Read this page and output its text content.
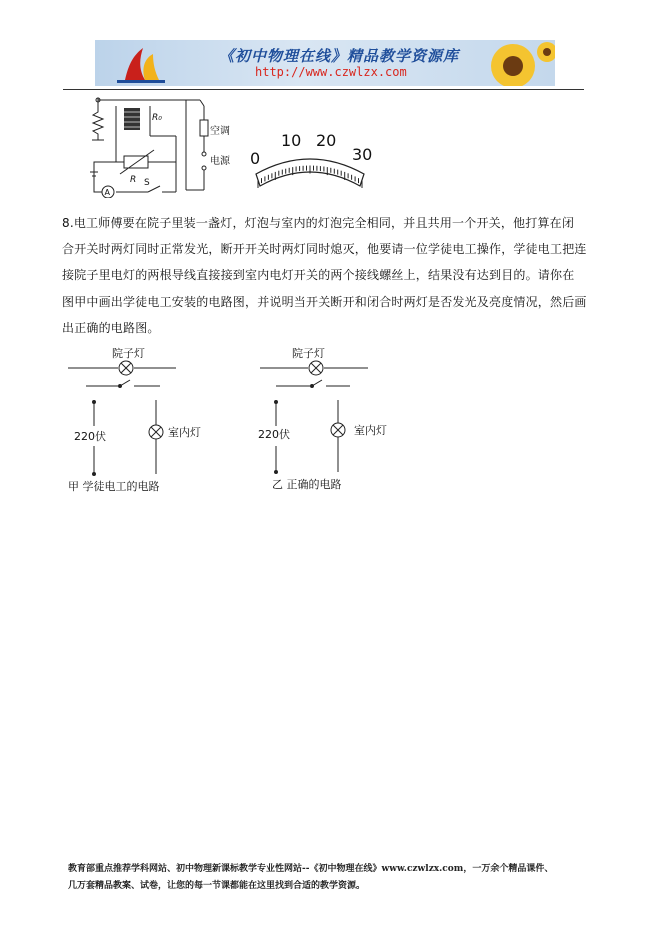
《初中物理在线》精品教学资源库
http://www.czwlzx.com
A
R₀
R S
空调
电源 0
10 20
30
8.电工师傅要在院子里装一盏灯，灯泡与室内的灯泡完全相同，并且共用一个开关，他打算在闭
合开关时两灯同时正常发光，断开开关时两灯同时熄灭，他要请一位学徒电工操作，学徒电工把连
接院子里电灯的两根导线直接接到室内电灯开关的两个接线螺丝上，结果没有达到目的。请你在
图甲中画出学徒电工安装的电路图，并说明当开关断开和闭合时两灯是否发光及亮度情况，然后画
出正确的电路图。
院子灯
220伏	室内灯
甲 学徒电工的电路
院子灯
220伏	室内灯
乙 正确的电路
教育部重点推荐学科网站、初中物理新课标教学专业性网站--《初中物理在线》www.czwlzx.com，一万余个精品课件、
几万套精品教案、试卷，让您的每一节课都能在这里找到合适的教学资源。
